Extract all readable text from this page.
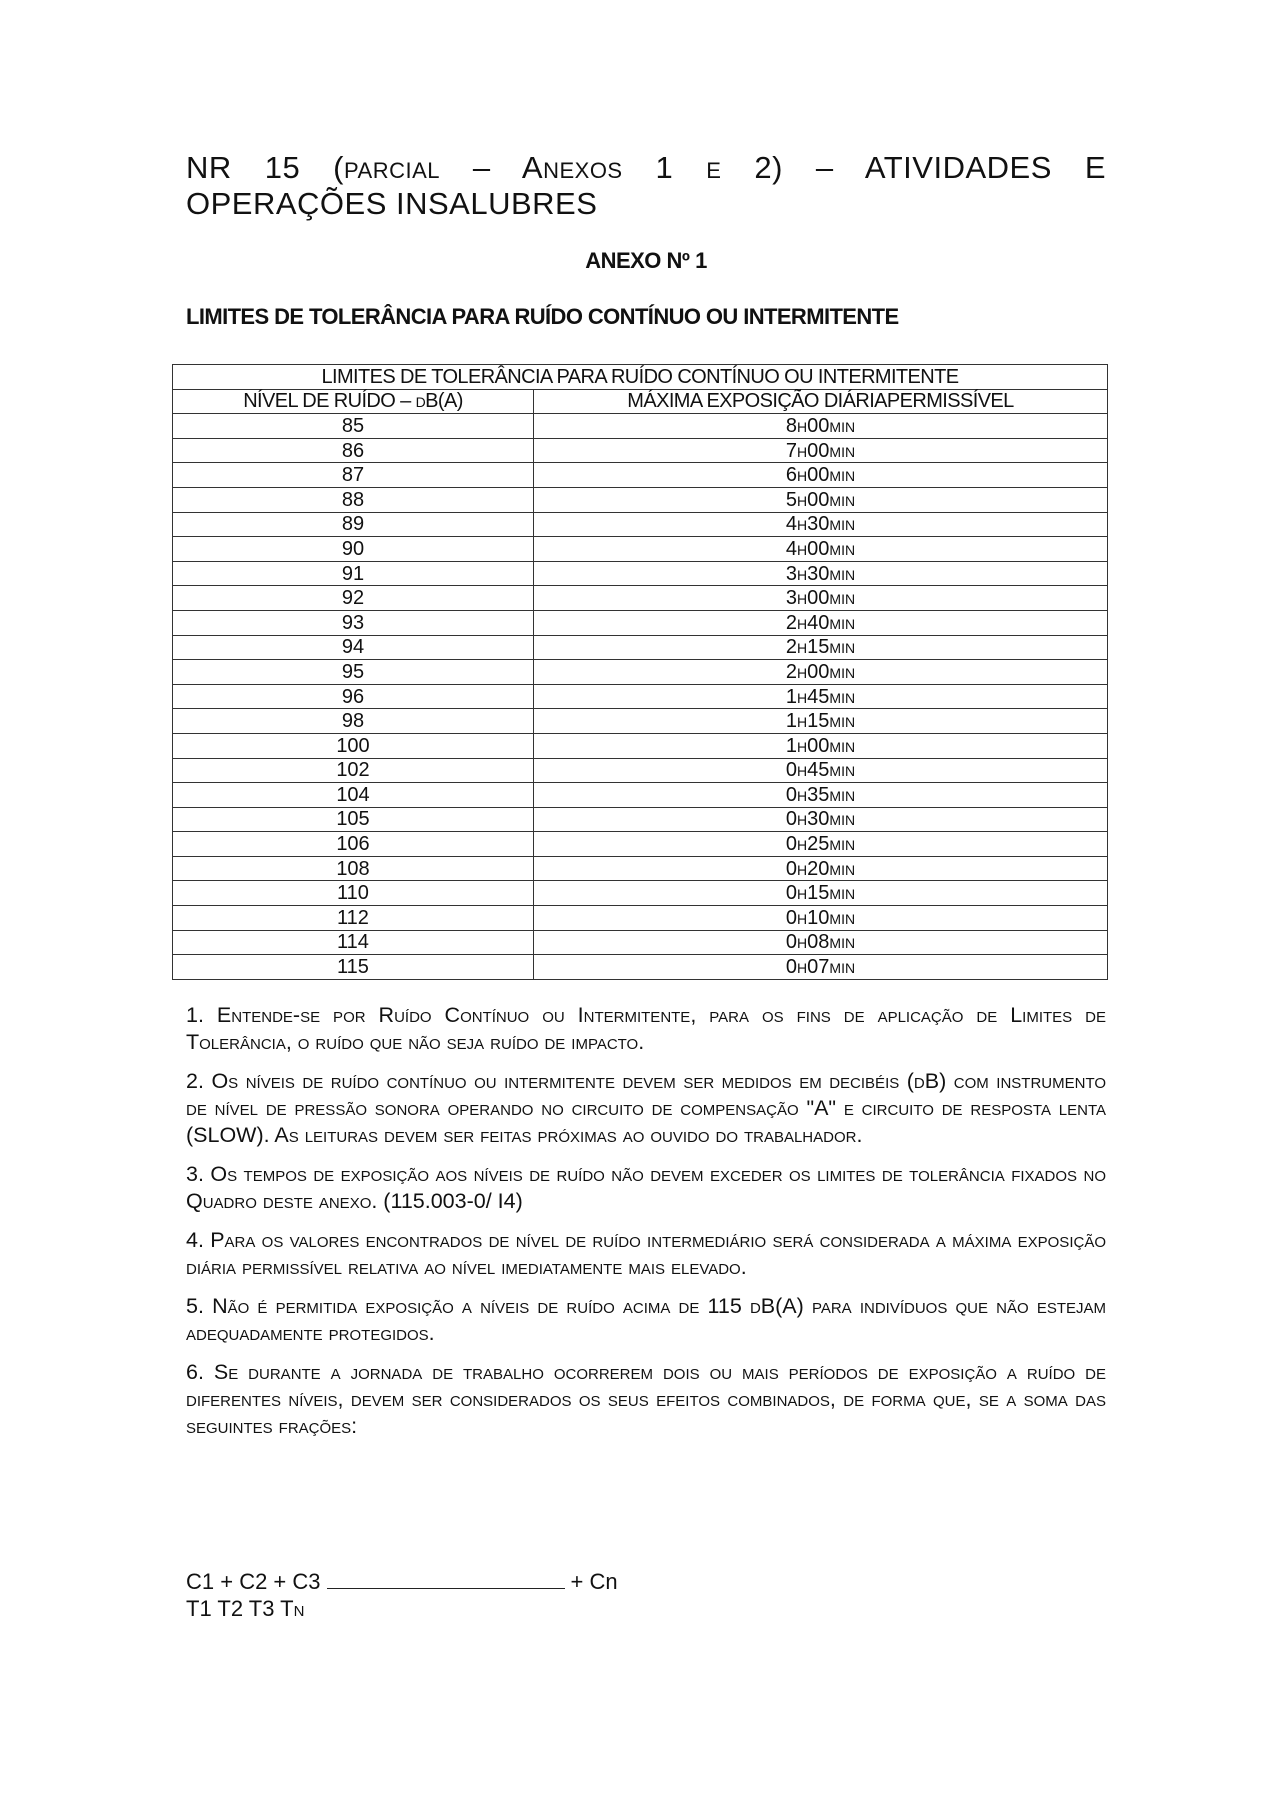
NR 15 (parcial – Anexos 1 e 2) – ATIVIDADES E
OPERAÇÕES INSALUBRES
ANEXO Nº 1
LIMITES DE TOLERÂNCIA PARA RUÍDO CONTÍNUO OU INTERMITENTE
LIMITES DE TOLERÂNCIA PARA RUÍDO CONTÍNUO OU INTERMITENTE	
NÍVEL DE RUÍDO – dB(A)	MÁXIMA EXPOSIÇÃO DIÁRIAPERMISSÍVEL
85	8h00min
86	7h00min
87	6h00min
88	5h00min
89	4h30min
90	4h00min
91	3h30min
92	3h00min
93	2h40min
94	2h15min
95	2h00min
96	1h45min
98	1h15min
100	1h00min
102	0h45min
104	0h35min
105	0h30min
106	0h25min
108	0h20min
110	0h15min
112	0h10min
114	0h08min
115	0h07min

1. Entende-se por Ruído Contínuo ou Intermitente, para os fins de aplicação de Limites de Tolerância, o ruído que não seja ruído de impacto.

2. Os níveis de ruído contínuo ou intermitente devem ser medidos em decibéis (dB) com instrumento de nível de pressão sonora operando no circuito de compensação "A" e circuito de resposta lenta (SLOW). As leituras devem ser feitas próximas ao ouvido do trabalhador.

3. Os tempos de exposição aos níveis de ruído não devem exceder os limites de tolerância fixados no Quadro deste anexo. (115.003-0/ I4)

4. Para os valores encontrados de nível de ruído intermediário será considerada a máxima exposição diária permissível relativa ao nível imediatamente mais elevado.

5. Não é permitida exposição a níveis de ruído acima de 115 dB(A) para indivíduos que não estejam adequadamente protegidos.

6. Se durante a jornada de trabalho ocorrerem dois ou mais períodos de exposição a ruído de diferentes níveis, devem ser considerados os seus efeitos combinados, de forma que, se a soma das seguintes frações:

C1 + C2 + C3	+ Cn
T1 T2 T3 Tn
